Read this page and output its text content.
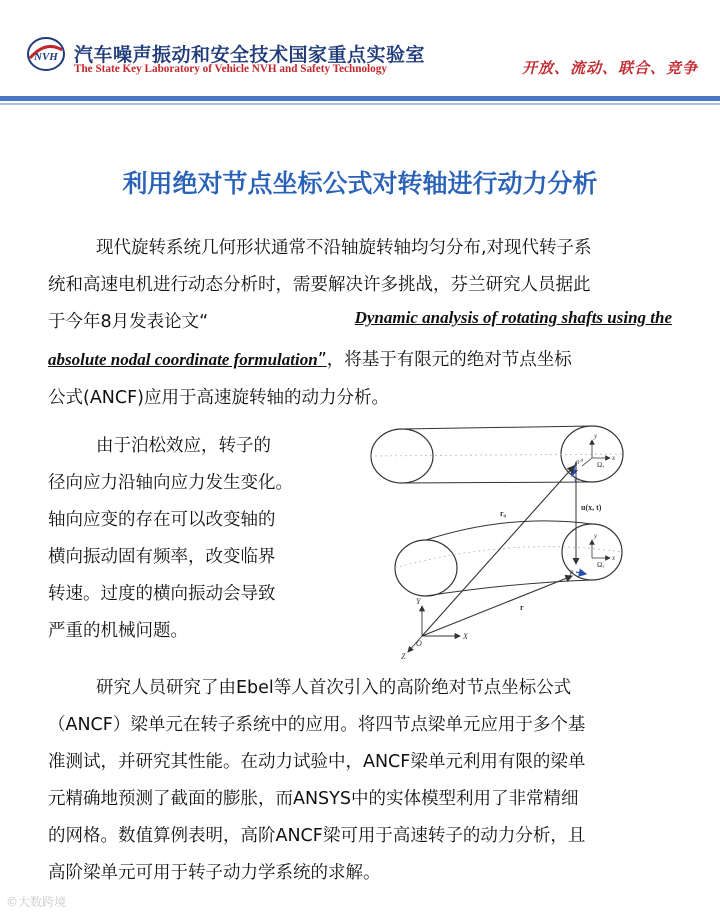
NVH 汽车噪声振动和安全技术国家重点实验室
The State Key Laboratory of Vehicle NVH and Safety Technology	开放、流动、联合、竞争
利用绝对节点坐标公式对转轴进行动力分析
现代旋转系统几何形状通常不沿轴旋转轴均匀分布,对现代转子系
统和高速电机进行动态分析时，需要解决许多挑战，芬兰研究人员据此
于今年8月发表论文“	Dynamic analysis of rotating shafts using the
absolute nodal coordinate formulation”，将基于有限元的绝对节点坐标
公式(ANCF)应用于高速旋转轴的动力分析。
由于泊松效应，转子的
径向应力沿轴向应力发生变化。
轴向应变的存在可以改变轴的
横向振动固有频率，改变临界
转速。过度的横向振动会导致
严重的机械问题。
y
x
p⁰ Ωₓ
vₜ
y
x
p
Ωₓ
u(x, t)
Y
X
Z
O
r₀
r
研究人员研究了由Ebel等人首次引入的高阶绝对节点坐标公式
（ANCF）梁单元在转子系统中的应用。将四节点梁单元应用于多个基
准测试，并研究其性能。在动力试验中，ANCF梁单元利用有限的梁单
元精确地预测了截面的膨胀，而ANSYS中的实体模型利用了非常精细
的网格。数值算例表明，高阶ANCF梁可用于高速转子的动力分析，且
高阶梁单元可用于转子动力学系统的求解。
©大数跨境
